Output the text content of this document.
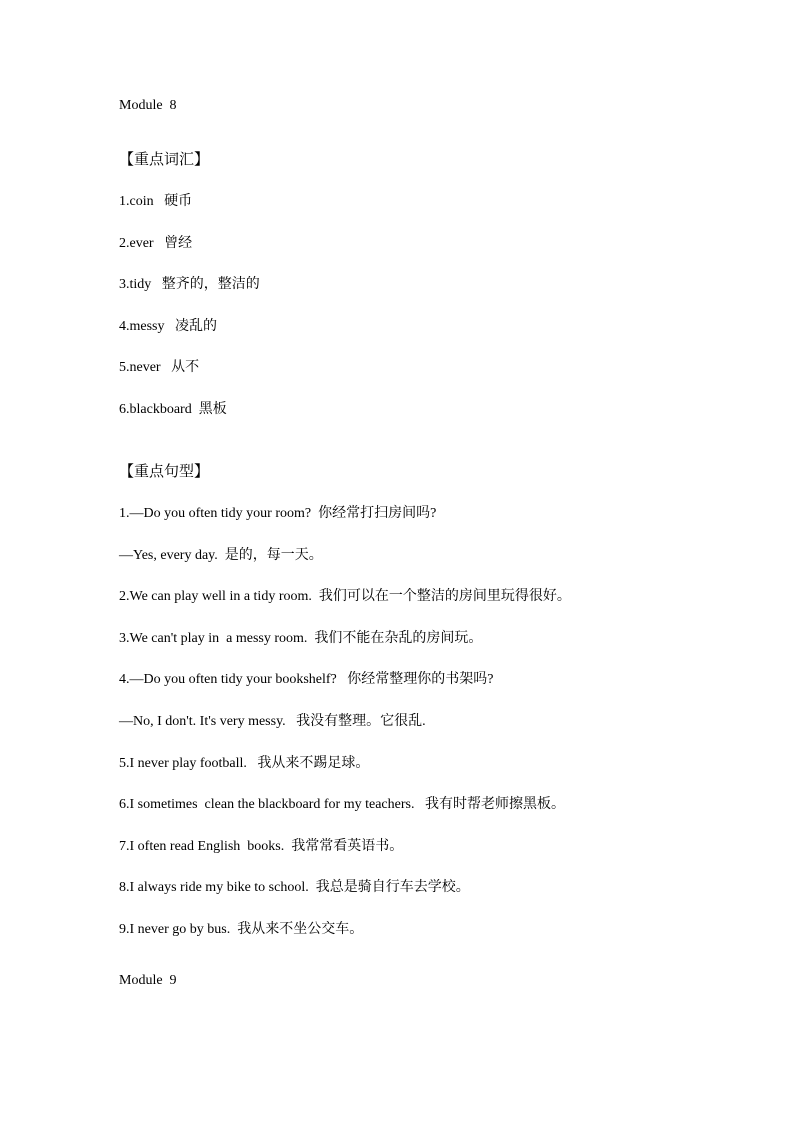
Module  8
【重点词汇】
1.coin   硬币
2.ever   曾经
3.tidy   整齐的，整洁的
4.messy   凌乱的
5.never   从不
6.blackboard  黑板
【重点句型】
1.—Do you often tidy your room?  你经常打扫房间吗?
—Yes, every day.  是的，每一天。
2.We can play well in a tidy room.  我们可以在一个整洁的房间里玩得很好。
3.We can't play in  a messy room.  我们不能在杂乱的房间玩。
4.—Do you often tidy your bookshelf?   你经常整理你的书架吗?
—No, I don't. It's very messy.   我没有整理。它很乱.
5.I never play football.   我从来不踢足球。
6.I sometimes  clean the blackboard for my teachers.   我有时帮老师擦黑板。
7.I often read English  books.  我常常看英语书。
8.I always ride my bike to school.  我总是骑自行车去学校。
9.I never go by bus.  我从来不坐公交车。
Module  9
